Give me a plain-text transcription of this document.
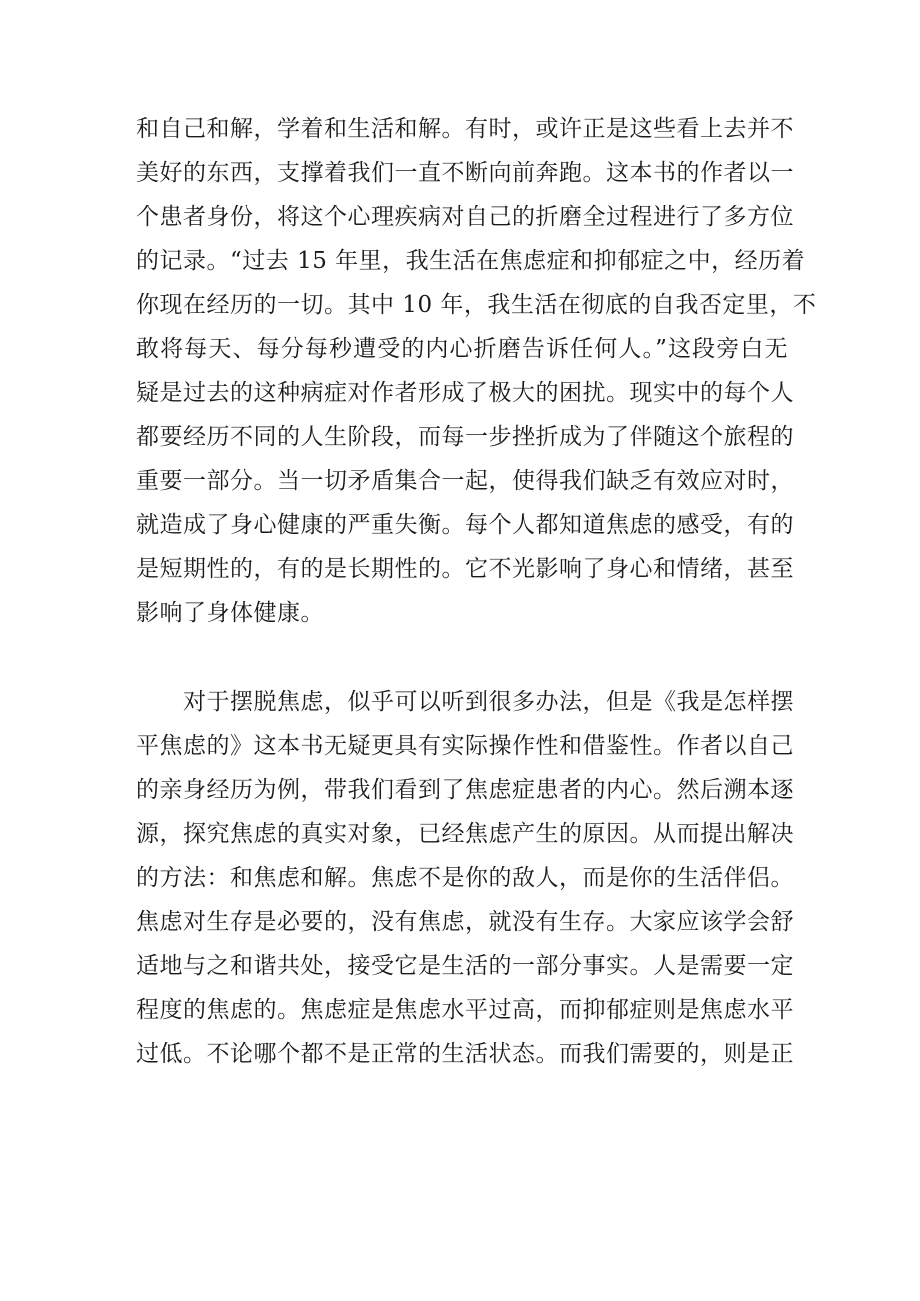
和自己和解，学着和生活和解。有时，或许正是这些看上去并不

美好的东西，支撑着我们一直不断向前奔跑。这本书的作者以一

个患者身份，将这个心理疾病对自己的折磨全过程进行了多方位

的记录。“过去 15 年里，我生活在焦虑症和抑郁症之中，经历着

你现在经历的一切。其中 10 年，我生活在彻底的自我否定里，不

敢将每天、每分每秒遭受的内心折磨告诉任何人。”这段旁白无

疑是过去的这种病症对作者形成了极大的困扰。现实中的每个人

都要经历不同的人生阶段，而每一步挫折成为了伴随这个旅程的

重要一部分。当一切矛盾集合一起，使得我们缺乏有效应对时，

就造成了身心健康的严重失衡。每个人都知道焦虑的感受，有的

是短期性的，有的是长期性的。它不光影响了身心和情绪，甚至

影响了身体健康。

对于摆脱焦虑，似乎可以听到很多办法，但是《我是怎样摆

平焦虑的》这本书无疑更具有实际操作性和借鉴性。作者以自己

的亲身经历为例，带我们看到了焦虑症患者的内心。然后溯本逐

源，探究焦虑的真实对象，已经焦虑产生的原因。从而提出解决

的方法：和焦虑和解。焦虑不是你的敌人，而是你的生活伴侣。

焦虑对生存是必要的，没有焦虑，就没有生存。大家应该学会舒

适地与之和谐共处，接受它是生活的一部分事实。人是需要一定

程度的焦虑的。焦虑症是焦虑水平过高，而抑郁症则是焦虑水平

过低。不论哪个都不是正常的生活状态。而我们需要的，则是正
